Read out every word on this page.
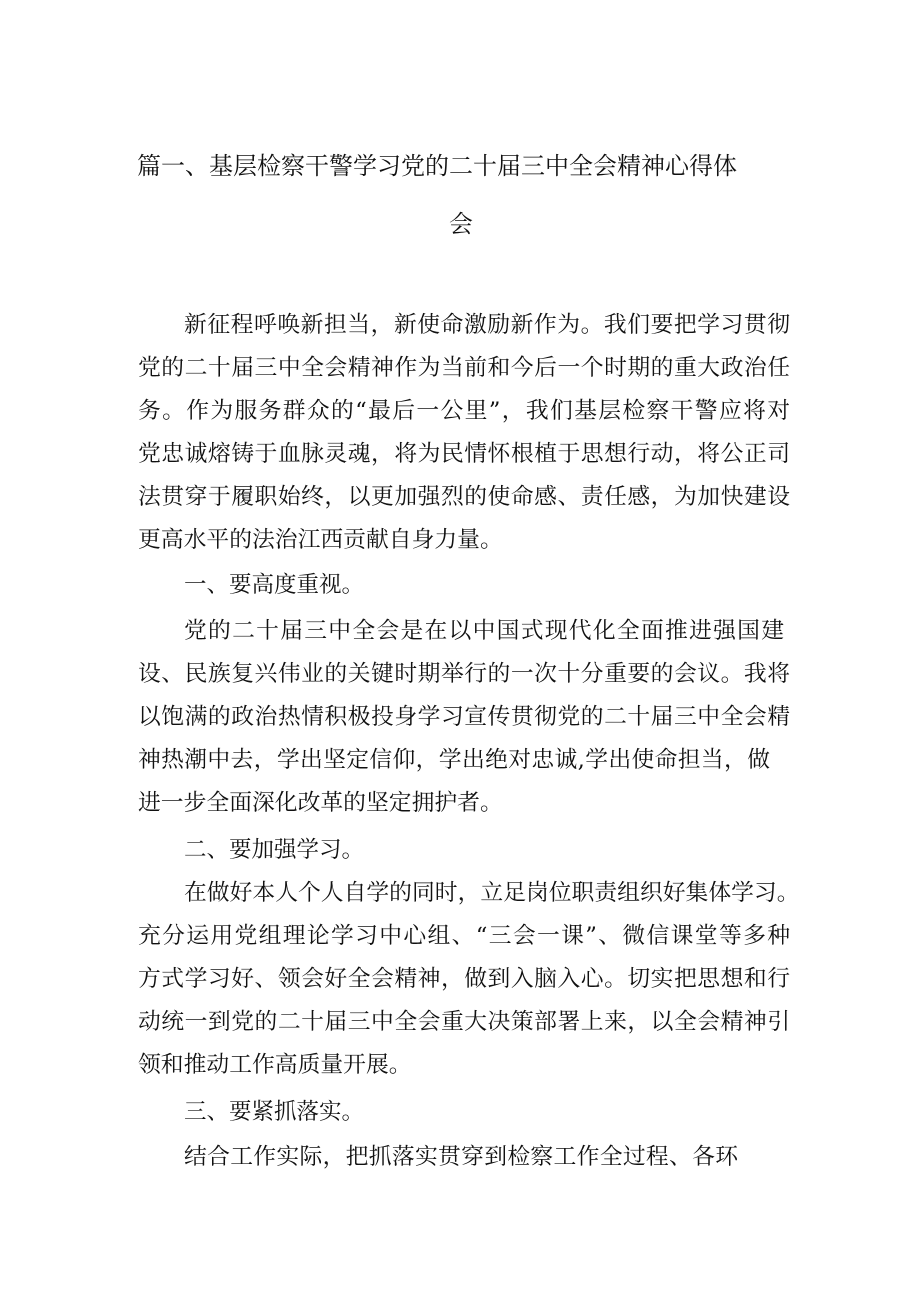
篇一、基层检察干警学习党的二十届三中全会精神心得体
会
新征程呼唤新担当，新使命激励新作为。我们要把学习贯彻
党的二十届三中全会精神作为当前和今后一个时期的重大政治任
务。作为服务群众的“最后一公里”，我们基层检察干警应将对
党忠诚熔铸于血脉灵魂，将为民情怀根植于思想行动，将公正司
法贯穿于履职始终，以更加强烈的使命感、责任感，为加快建设
更高水平的法治江西贡献自身力量。
一、要高度重视。
党的二十届三中全会是在以中国式现代化全面推进强国建
设、民族复兴伟业的关键时期举行的一次十分重要的会议。我将
以饱满的政治热情积极投身学习宣传贯彻党的二十届三中全会精
神热潮中去，学出坚定信仰，学出绝对忠诚,学出使命担当，做
进一步全面深化改革的坚定拥护者。
二、要加强学习。
在做好本人个人自学的同时，立足岗位职责组织好集体学习。
充分运用党组理论学习中心组、“三会一课”、微信课堂等多种
方式学习好、领会好全会精神，做到入脑入心。切实把思想和行
动统一到党的二十届三中全会重大决策部署上来，以全会精神引
领和推动工作高质量开展。
三、要紧抓落实。
结合工作实际，把抓落实贯穿到检察工作全过程、各环
